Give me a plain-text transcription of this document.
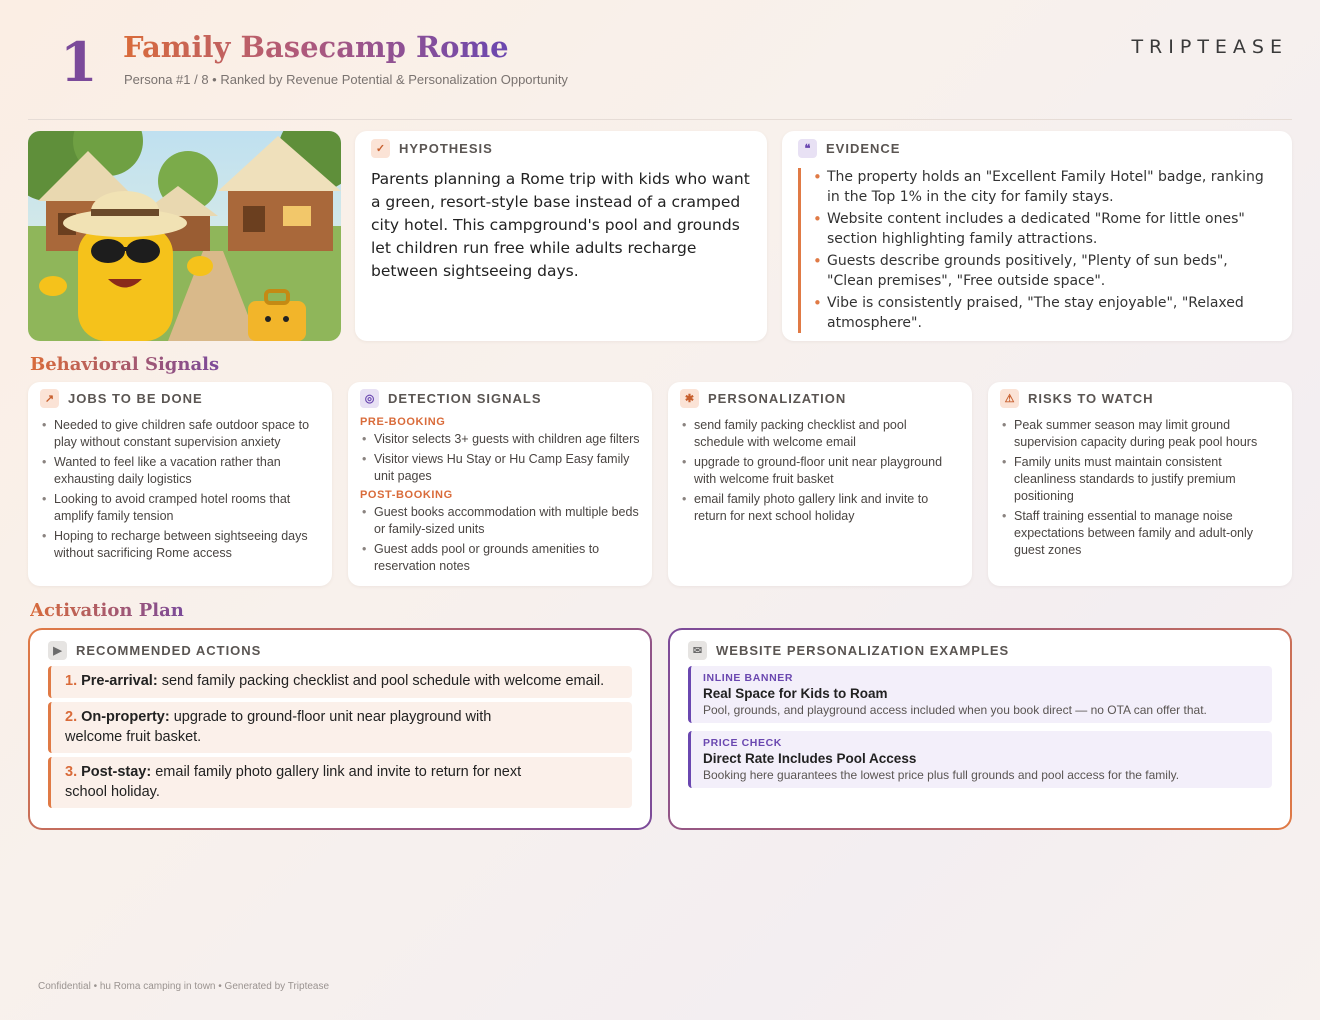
1 Family Basecamp Rome
Persona #1 / 8 • Ranked by Revenue Potential & Personalization Opportunity
TRIPTEASE
✓	HYPOTHESIS
Parents planning a Rome trip with kids who want a green, resort-style base instead of a cramped city hotel. This campground's pool and grounds let children run free while adults recharge between sightseeing days.
❝	EVIDENCE
• The property holds an "Excellent Family Hotel" badge, ranking in the Top 1% in the city for family stays.
• Website content includes a dedicated "Rome for little ones" section highlighting family attractions.
• Guests describe grounds positively, "Plenty of sun beds", "Clean premises", "Free outside space".
• Vibe is consistently praised, "The stay enjoyable", "Relaxed atmosphere".
Behavioral Signals
↗	JOBS TO BE DONE
• Needed to give children safe outdoor space to play without constant supervision anxiety
• Wanted to feel like a vacation rather than exhausting daily logistics
• Looking to avoid cramped hotel rooms that amplify family tension
• Hoping to recharge between sightseeing days without sacrificing Rome access
◎	DETECTION SIGNALS
PRE-BOOKING
• Visitor selects 3+ guests with children age filters
• Visitor views Hu Stay or Hu Camp Easy family unit pages
POST-BOOKING
• Guest books accommodation with multiple beds or family-sized units
• Guest adds pool or grounds amenities to reservation notes
✱	PERSONALIZATION
• send family packing checklist and pool schedule with welcome email
• upgrade to ground-floor unit near playground with welcome fruit basket
• email family photo gallery link and invite to return for next school holiday
⚠	RISKS TO WATCH
• Peak summer season may limit ground supervision capacity during peak pool hours
• Family units must maintain consistent cleanliness standards to justify premium positioning
• Staff training essential to manage noise expectations between family and adult-only guest zones
Activation Plan
▶	RECOMMENDED ACTIONS
1. Pre-arrival: send family packing checklist and pool schedule with welcome email.
2. On-property: upgrade to ground-floor unit near playground with welcome fruit basket.
3. Post-stay: email family photo gallery link and invite to return for next school holiday.
✉	WEBSITE PERSONALIZATION EXAMPLES
INLINE BANNER
Real Space for Kids to Roam
Pool, grounds, and playground access included when you book direct — no OTA can offer that.
PRICE CHECK
Direct Rate Includes Pool Access
Booking here guarantees the lowest price plus full grounds and pool access for the family.
Confidential • hu Roma camping in town • Generated by Triptease
